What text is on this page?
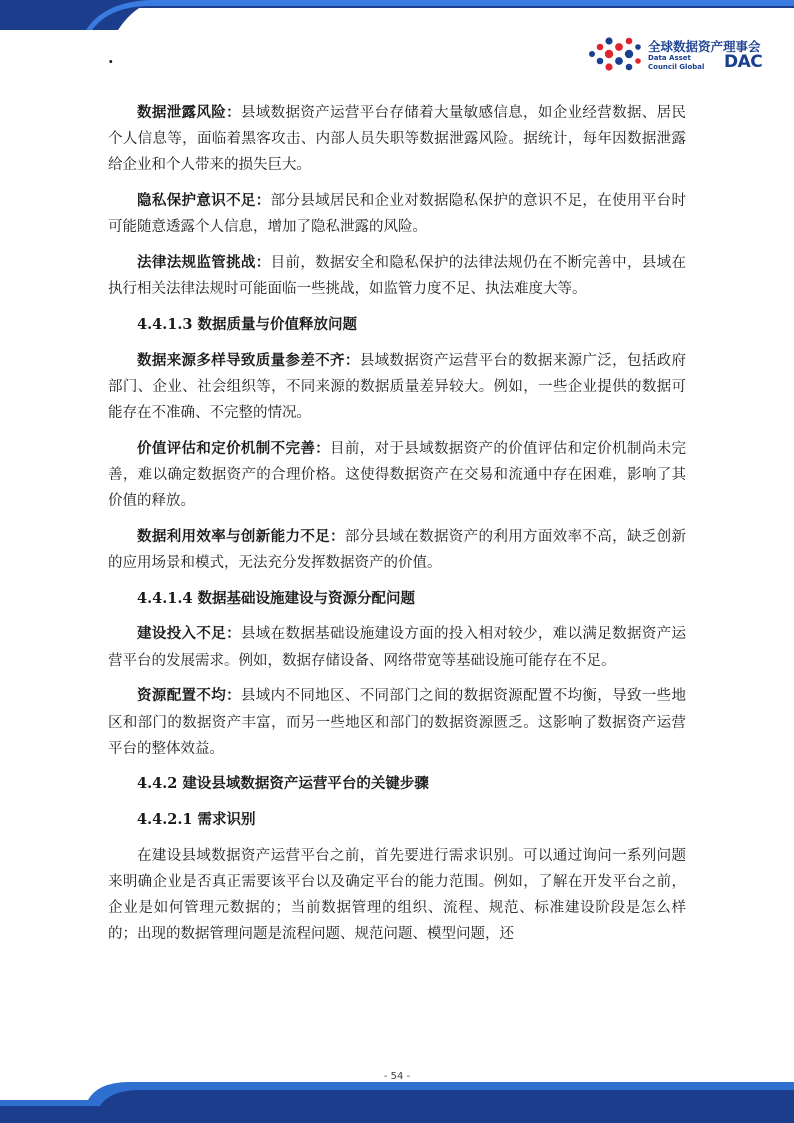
·
全球数据资产理事会
Data Asset
Council Global DAC

数据泄露风险：县域数据资产运营平台存储着大量敏感信息，如企业经营数据、居民个人信息等，面临着黑客攻击、内部人员失职等数据泄露风险。据统计，每年因数据泄露给企业和个人带来的损失巨大。

隐私保护意识不足：部分县域居民和企业对数据隐私保护的意识不足，在使用平台时可能随意透露个人信息，增加了隐私泄露的风险。

法律法规监管挑战：目前，数据安全和隐私保护的法律法规仍在不断完善中，县域在执行相关法律法规时可能面临一些挑战，如监管力度不足、执法难度大等。

4.4.1.3 数据质量与价值释放问题

数据来源多样导致质量参差不齐：县域数据资产运营平台的数据来源广泛，包括政府部门、企业、社会组织等，不同来源的数据质量差异较大。例如，一些企业提供的数据可能存在不准确、不完整的情况。

价值评估和定价机制不完善：目前，对于县域数据资产的价值评估和定价机制尚未完善，难以确定数据资产的合理价格。这使得数据资产在交易和流通中存在困难，影响了其价值的释放。

数据利用效率与创新能力不足：部分县域在数据资产的利用方面效率不高，缺乏创新的应用场景和模式，无法充分发挥数据资产的价值。

4.4.1.4 数据基础设施建设与资源分配问题

建设投入不足：县域在数据基础设施建设方面的投入相对较少，难以满足数据资产运营平台的发展需求。例如，数据存储设备、网络带宽等基础设施可能存在不足。

资源配置不均：县域内不同地区、不同部门之间的数据资源配置不均衡，导致一些地区和部门的数据资产丰富，而另一些地区和部门的数据资源匮乏。这影响了数据资产运营平台的整体效益。

4.4.2 建设县域数据资产运营平台的关键步骤

4.4.2.1 需求识别

在建设县域数据资产运营平台之前，首先要进行需求识别。可以通过询问一系列问题来明确企业是否真正需要该平台以及确定平台的能力范围。例如，了解在开发平台之前，企业是如何管理元数据的；当前数据管理的组织、流程、规范、标准建设阶段是怎么样的；出现的数据管理问题是流程问题、规范问题、模型问题，还

- 54 -
